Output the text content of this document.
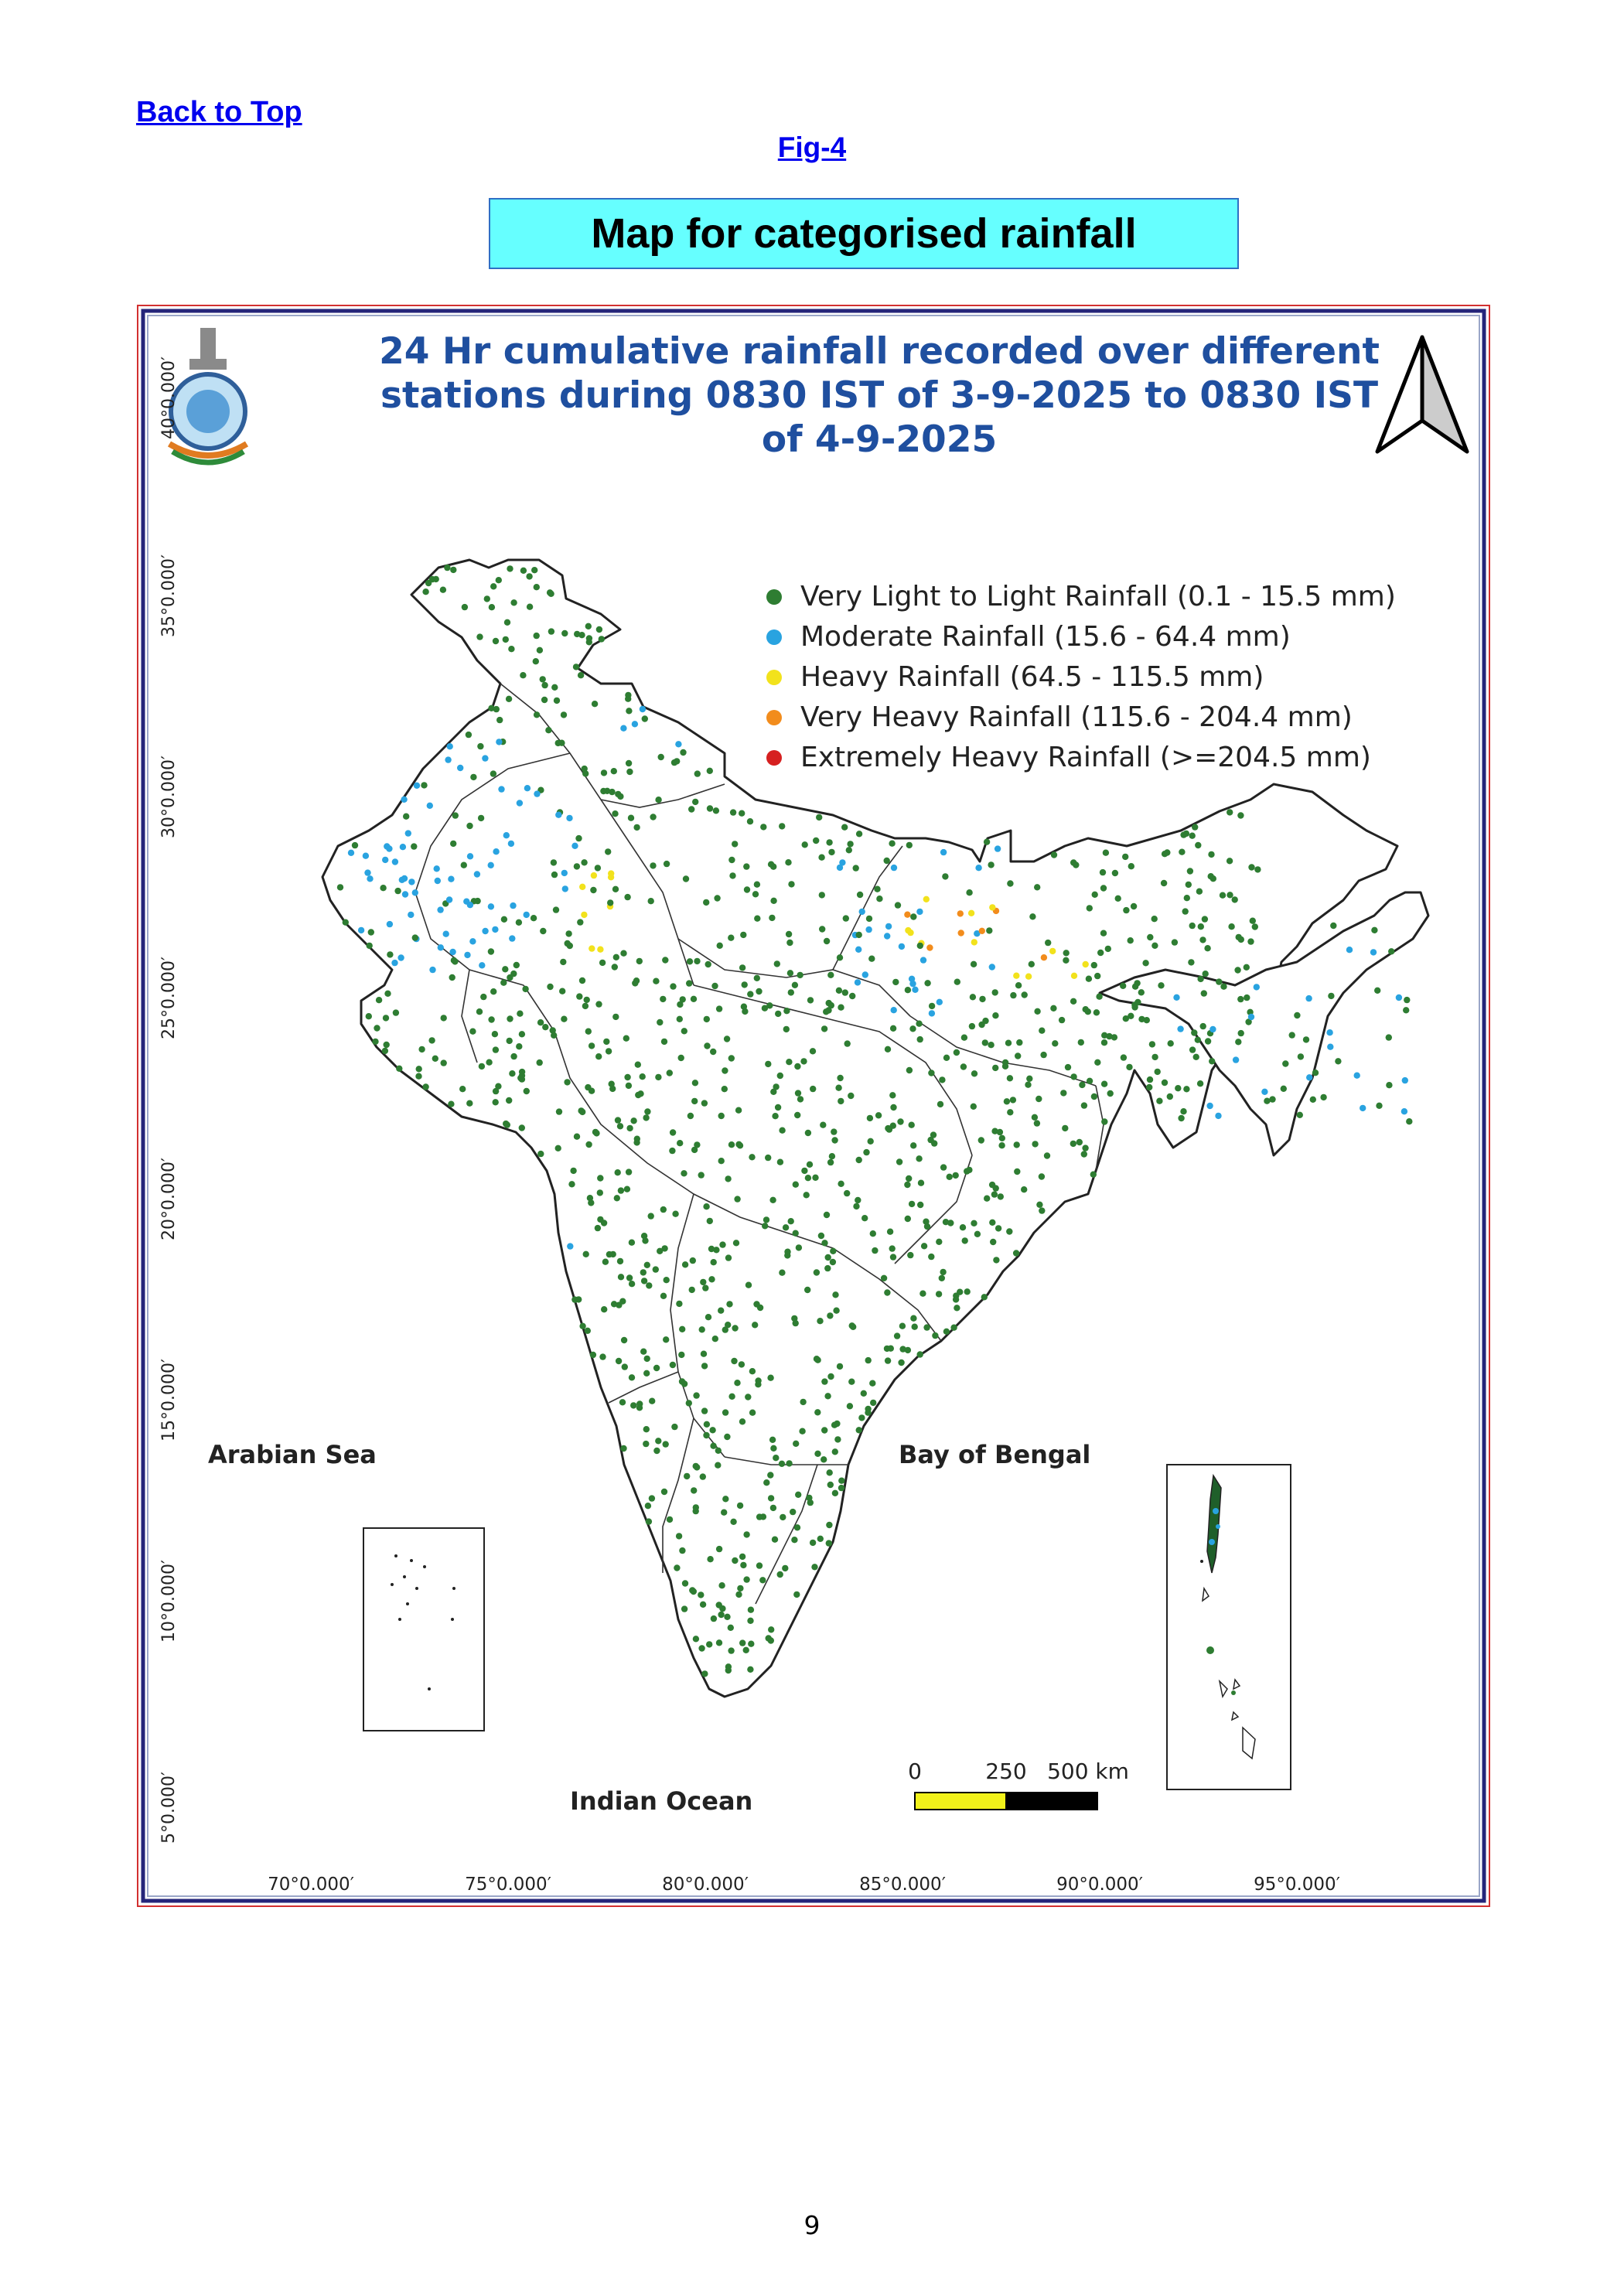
Back to Top
Fig-4
Map for categorised rainfall
24 Hr cumulative rainfall recorded over different
stations during 0830 IST of 3-9-2025 to 0830 IST
of 4-9-2025
40°0.000′
35°0.000′
30°0.000′
25°0.000′
20°0.000′
15°0.000′
10°0.000′
5°0.000′
70°0.000′	75°0.000′	80°0.000′	85°0.000′	90°0.000′	95°0.000′
Very Light to Light Rainfall (0.1 - 15.5 mm)
Moderate Rainfall (15.6 - 64.4 mm)
Heavy Rainfall (64.5 - 115.5 mm)
Very Heavy Rainfall (115.6 - 204.4 mm)
Extremely Heavy Rainfall (>=204.5 mm)
Arabian Sea	Bay of Bengal
Indian Ocean
0	250 500 km
9
